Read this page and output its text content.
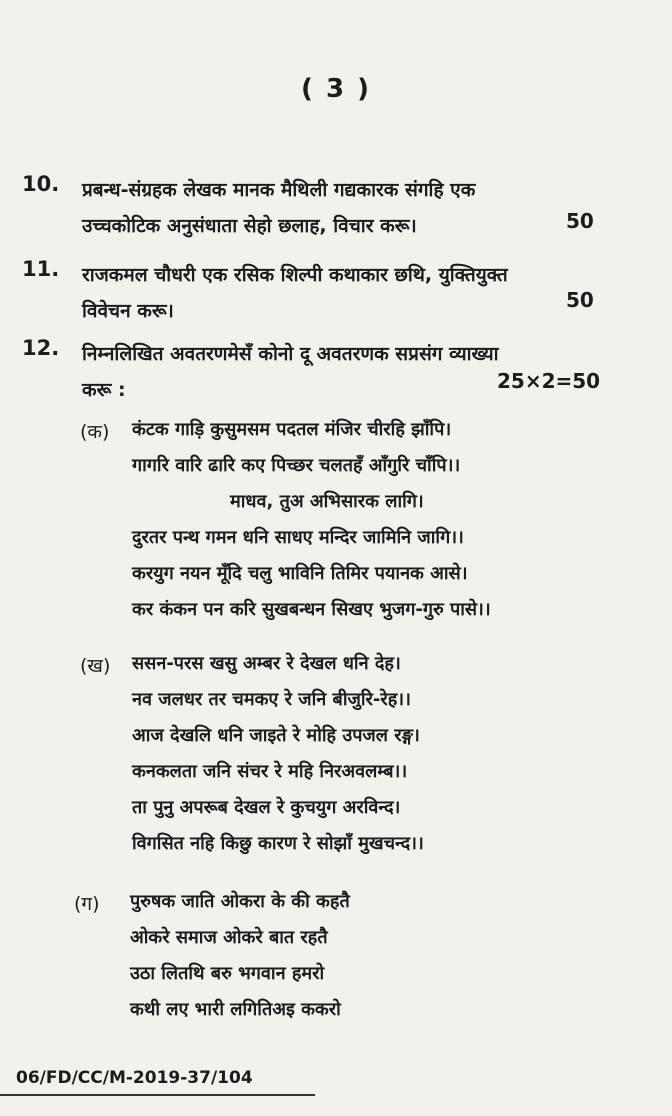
( 3 )
10. प्रबन्ध-संग्रहक लेखक मानक मैथिली गद्यकारक संगहि एक
उच्चकोटिक अनुसंधाता सेहो छलाह, विचार करू।	50
11. राजकमल चौधरी एक रसिक शिल्पी कथाकार छथि, युक्तियुक्त
विवेचन करू।	50
12. निम्नलिखित अवतरणमेसँ कोनो दू अवतरणक सप्रसंग व्याख्या
करू :	25×2=50
(क) कंटक गाड़ि कुसुमसम पदतल मंजिर चीरहि झाँपि।
गागरि वारि ढारि कए पिच्छर चलतहँ आँगुरि चाँपि।।
माधव, तुअ अभिसारक लागि।
दुरतर पन्थ गमन धनि साधए मन्दिर जामिनि जागि।।
करयुग नयन मूँदि चलु भाविनि तिमिर पयानक आसे।
कर कंकन पन करि सुखबन्धन सिखए भुजग-गुरु पासे।।
(ख) ससन-परस खसु अम्बर रे देखल धनि देह।
नव जलधर तर चमकए रे जनि बीजुरि-रेह।।
आज देखलि धनि जाइते रे मोहि उपजल रङ्ग।
कनकलता जनि संचर रे महि निरअवलम्ब।।
ता पुनु अपरूब देखल रे कुचयुग अरविन्द।
विगसित नहि किछु कारण रे सोझाँ मुखचन्द।।
(ग) पुरुषक जाति ओकरा के की कहतै
ओकरे समाज ओकरे बात रहतै
उठा लितथि बरु भगवान हमरो
कथी लए भारी लगितिअइ ककरो
06/FD/CC/M-2019-37/104
